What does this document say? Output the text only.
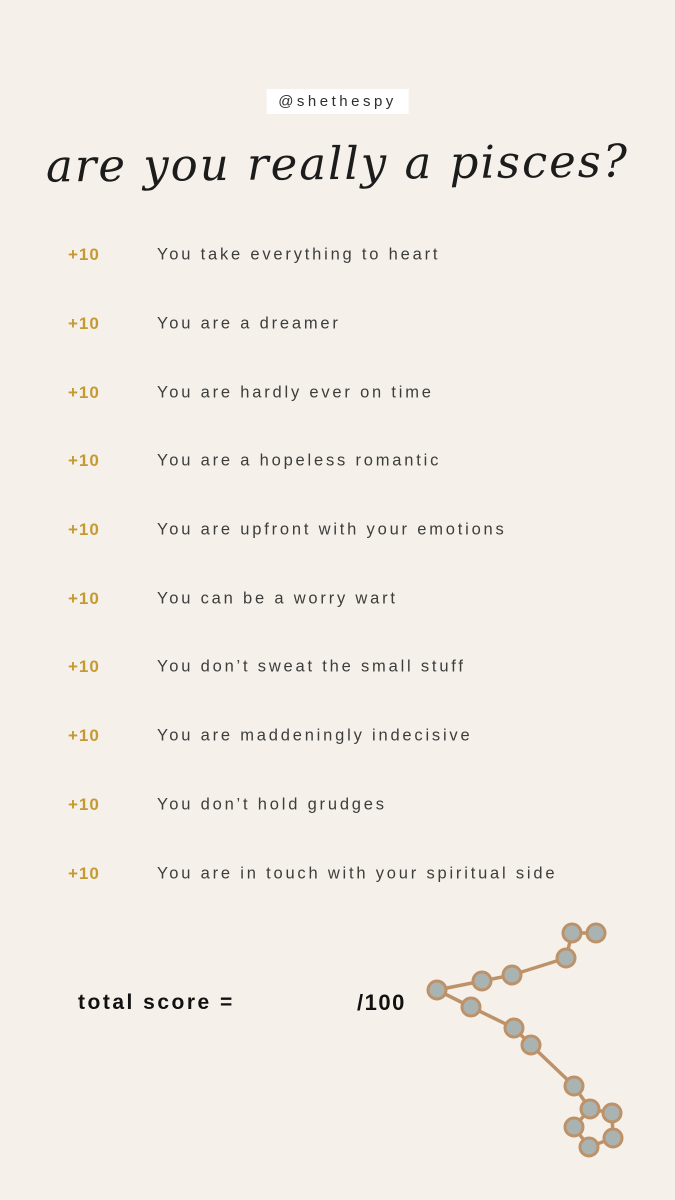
@shethespy
are you really a pisces?
+10	You take everything to heart
+10	You are a dreamer
+10	You are hardly ever on time
+10	You are a hopeless romantic
+10	You are upfront with your emotions
+10	You can be a worry wart
+10	You don’t sweat the small stuff
+10	You are maddeningly indecisive
+10	You don’t hold grudges
+10	You are in touch with your spiritual side
total score =	/100
